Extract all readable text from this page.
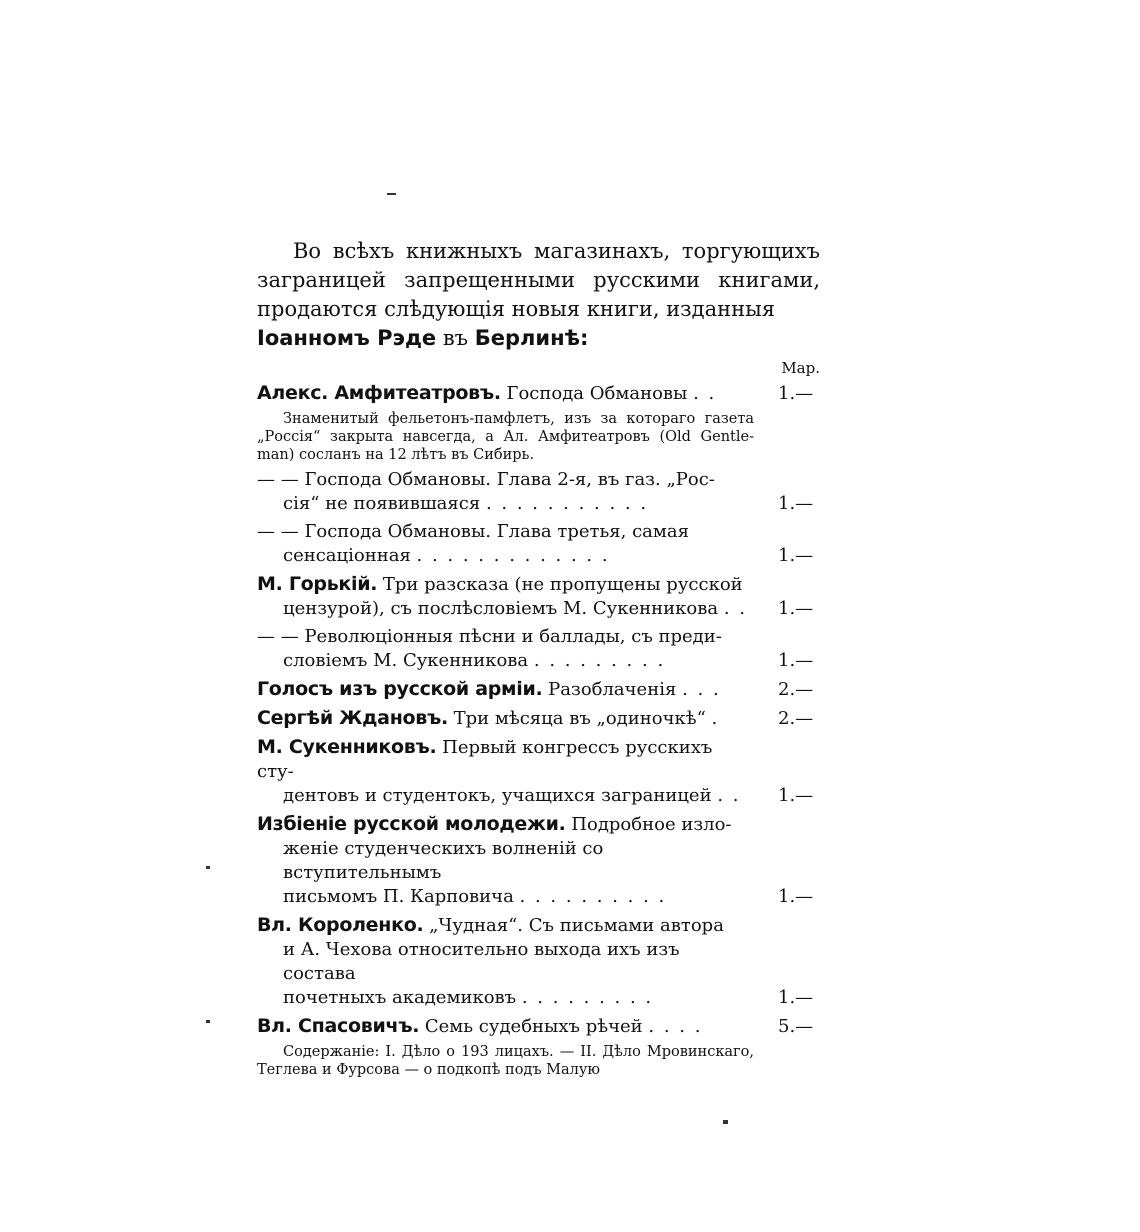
Во всѣхъ книжныхъ магазинахъ, торгующихъ заграницей запрещенными русскими книгами, продаются слѣдующія новыя книги, изданныя
Іоанномъ Рэде въ Берлинѣ:

Мар.
Алекс. Амфитеатровъ. Господа Обмановы . .	1.—
Знаменитый фельетонъ-памфлетъ, изъ за котораго газета „Россія“ закрыта навсегда, а Ал. Амфитеатровъ (Old Gentle- man) сосланъ на 12 лѣтъ въ Сибирь.
— — Господа Обмановы. Глава 2-я, въ газ. „Рос-
сія“ не появившаяся . . . . . . . . . . .	1.—
— — Господа Обмановы. Глава третья, самая
сенсаціонная . . . . . . . . . . . . .	1.—
М. Горькій. Три разсказа (не пропущены русской
цензурой), съ послѣсловіемъ М. Сукенникова . .	1.—
— — Революціонныя пѣсни и баллады, съ преди-
словіемъ М. Сукенникова . . . . . . . . .	1.—
Голосъ изъ русской арміи. Разоблаченія . . .	2.—
Сергѣй Ждановъ. Три мѣсяца въ „одиночкѣ“ .	2.—
М. Сукенниковъ. Первый конгрессъ русскихъ сту-
дентовъ и студентокъ, учащихся заграницей . .	1.—
Избіеніе русской молодежи. Подробное изло-
женіе студенческихъ волненій со вступительнымъ
письмомъ П. Карповича . . . . . . . . . .	1.—
Вл. Короленко. „Чудная“. Съ письмами автора
и А. Чехова относительно выхода ихъ изъ состава
почетныхъ академиковъ . . . . . . . . .	1.—
Вл. Спасовичъ. Семь судебныхъ рѣчей . . . .	5.—
Содержаніе: І. Дѣло о 193 лицахъ. — II. Дѣло Мровинскаго, Теглева и Фурсова — о подкопѣ подъ Малую
